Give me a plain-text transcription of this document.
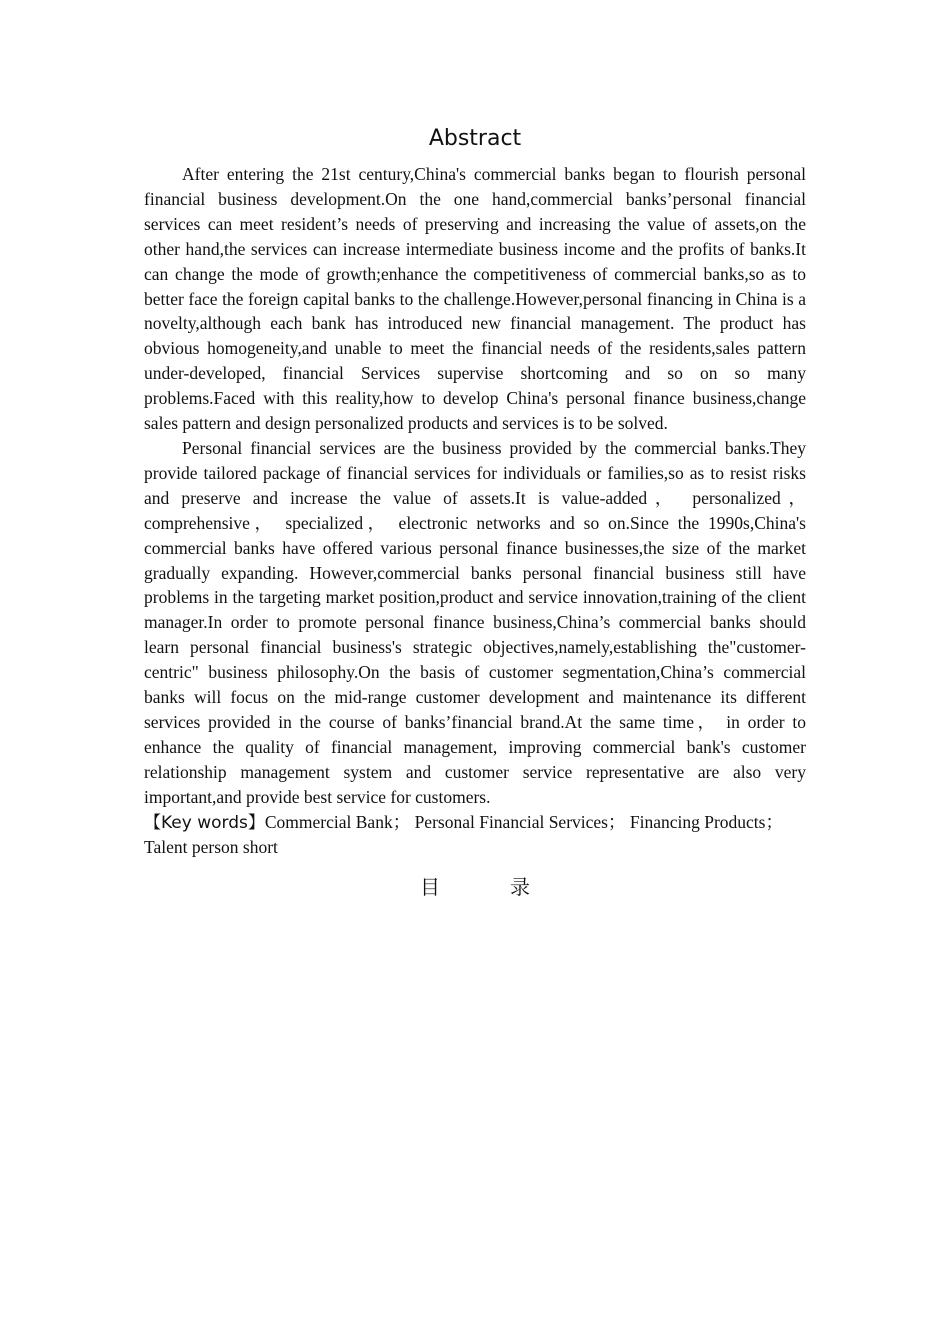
Abstract

After entering the 21st century,China's commercial banks began to flourish personal financial business development.On the one hand,commercial banks’personal financial services can meet resident’s needs of preserving and increasing the value of assets,on the other hand,the services can increase intermediate business income and the profits of banks.It can change the mode of growth;enhance the competitiveness of commercial banks,so as to better face the foreign capital banks to the challenge.However,personal financing in China is a novelty,although each bank has introduced new financial management. The product has obvious homogeneity,and unable to meet the financial needs of the residents,sales pattern under-developed, financial Services supervise shortcoming and so on so many problems.Faced with this reality,how to develop China's personal finance business,change sales pattern and design personalized products and services is to be solved.

Personal financial services are the business provided by the commercial banks.They provide tailored package of financial services for individuals or families,so as to resist risks and preserve and increase the value of assets.It is value-added， personalized， comprehensive， specialized， electronic networks and so on.Since the 1990s,China's commercial banks have offered various personal finance businesses,the size of the market gradually expanding. However,commercial banks personal financial business still have problems in the targeting market position,product and service innovation,training of the client manager.In order to promote personal finance business,China’s commercial banks should learn personal financial business's strategic objectives,namely,establishing the"customer-centric" business philosophy.On the basis of customer segmentation,China’s commercial banks will focus on the mid-range customer development and maintenance its different services provided in the course of banks’financial brand.At the same time， in order to enhance the quality of financial management, improving commercial bank's customer relationship management system and customer service representative are also very important,and provide best service for customers.

【Key words】Commercial Bank； Personal Financial Services； Financing Products；

Talent person short

目	录
